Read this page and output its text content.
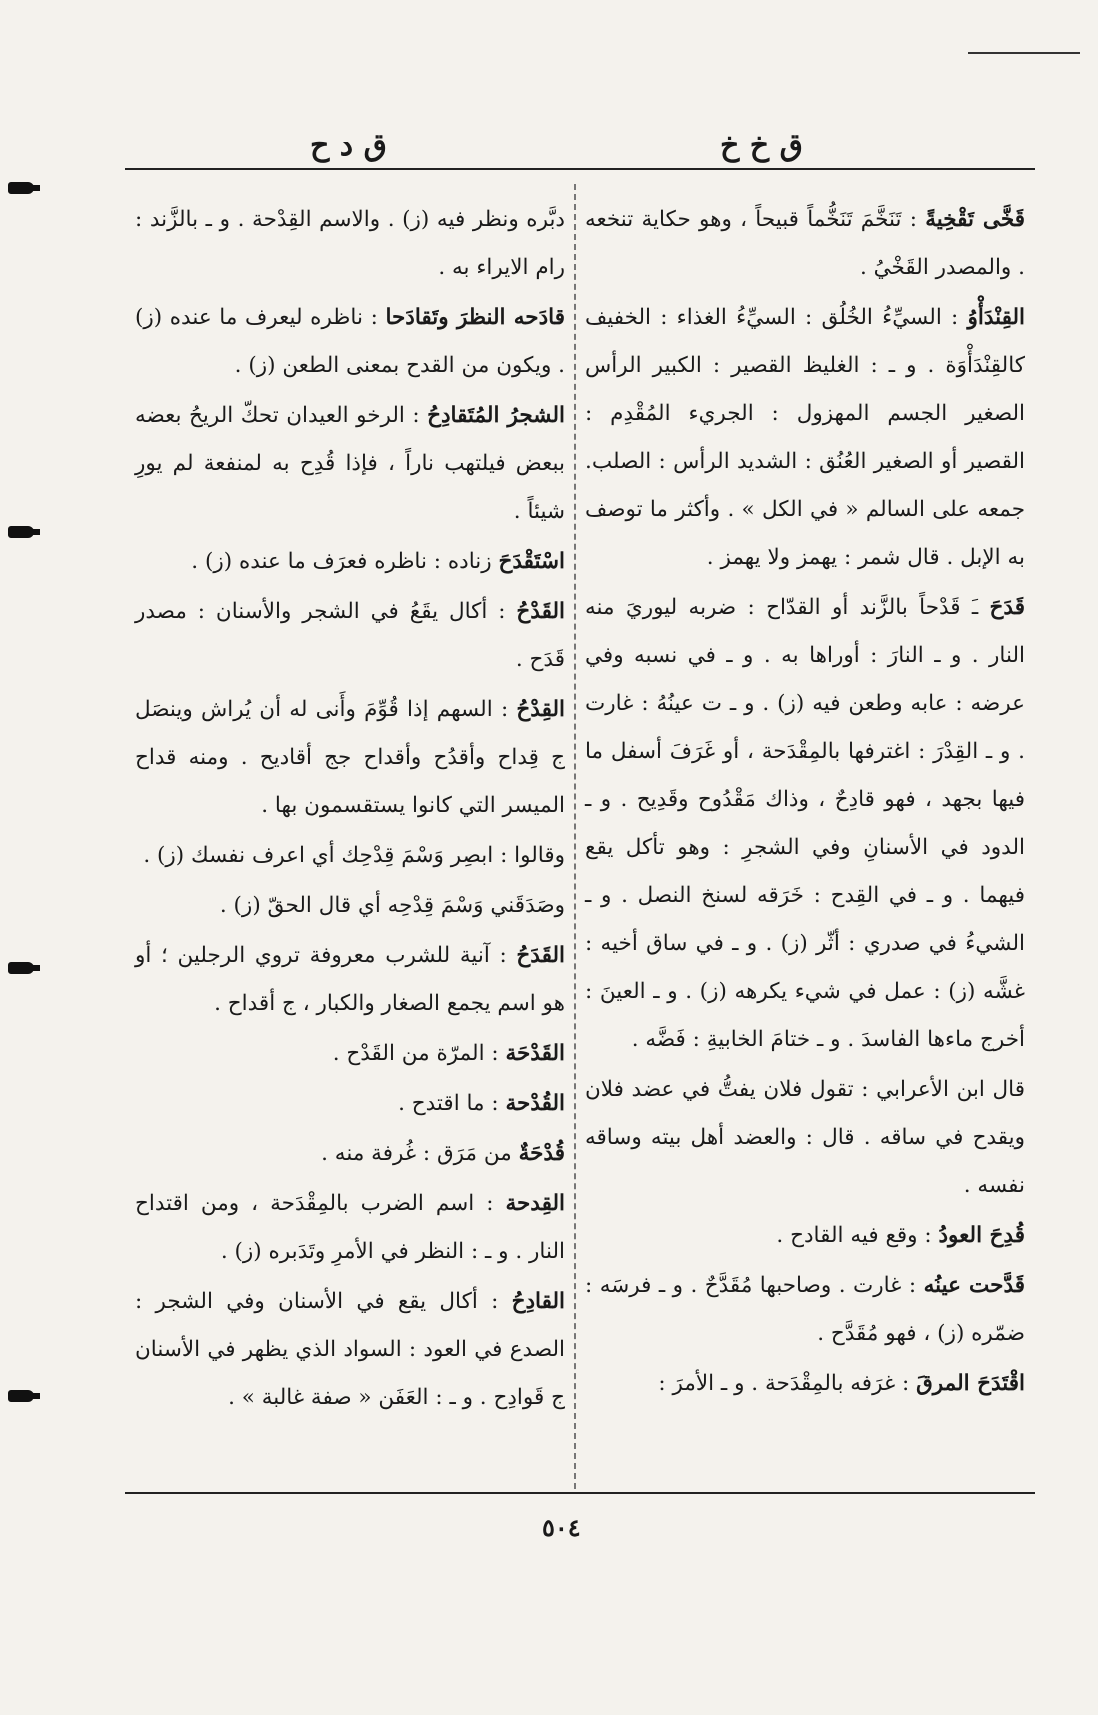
ق خ خ
ق د ح

قَخَّى تَقْخِيةً : تَنَخَّمَ تَنَخُّماً قبيحاً ، وهو حكاية تنخعه . والمصدر القَخْيُ .

القِنْدَأْوُ : السيِّءُ الخُلُق : السيِّءُ الغذاء : الخفيف كالقِنْدَأْوَة . و ـ : الغليظ القصير : الكبير الرأس الصغير الجسم المهزول : الجريء المُقْدِم : القصير أو الصغير العُنُق : الشديد الرأس : الصلب. جمعه على السالم « في الكل » . وأكثر ما توصف به الإبل . قال شمر : يهمز ولا يهمز .

قَدَحَ ـَ قَدْحاً بالزَّند أو القدّاح : ضربه ليوريَ منه النار . و ـ النارَ : أوراها به . و ـ في نسبه وفي عرضه : عابه وطعن فيه (ز) . و ـ ت عينُهُ : غارت . و ـ القِدْرَ : اغترفها بالمِقْدَحة ، أو غَرَفَ أسفل ما فيها بجهد ، فهو قادِحٌ ، وذاك مَقْدُوح وقَدِيح . و ـ الدود في الأسنانِ وفي الشجرِ : وهو تأكل يقع فيهما . و ـ في القِدح : خَرَقه لسنخ النصل . و ـ الشيءُ في صدري : أثّر (ز) . و ـ في ساق أخيه : غشَّه (ز) : عمل في شيء يكرهه (ز) . و ـ العينَ : أخرج ماءها الفاسدَ . و ـ ختامَ الخابيةِ : فَضَّه .

قال ابن الأعرابي : تقول فلان يفتُّ في عضد فلان ويقدح في ساقه . قال : والعضد أهل بيته وساقه نفسه .

قُدِحَ العودُ : وقع فيه القادح .

قَدَّحت عينُه : غارت . وصاحبها مُقَدَّحٌ . و ـ فرسَه : ضمّره (ز) ، فهو مُقَدَّح .

اقْتَدَحَ المرقَ : غرَفه بالمِقْدَحة . و ـ الأمرَ :

دبَّره ونظر فيه (ز) . والاسم القِدْحة . و ـ بالزَّند : رام الايراء به .

قادَحه النظرَ وتَقادَحا : ناظره ليعرف ما عنده (ز) . ويكون من القدح بمعنى الطعن (ز) .

الشجرُ المُتَقادِحُ : الرخو العيدان تحكّ الريحُ بعضه ببعض فيلتهب ناراً ، فإذا قُدِح به لمنفعة لم يورِ شيئاً .

اسْتَقْدَحَ زناده : ناظره فعرَف ما عنده (ز) .

القَدْحُ : أكال يقَعُ في الشجر والأسنان : مصدر قَدَح .

القِدْحُ : السهم إذا قُوِّمَ وأَنى له أن يُراش وينصَل ج قِداح وأقدُح وأقداح جج أقاديح . ومنه قداح الميسر التي كانوا يستقسمون بها .

وقالوا : ابصِر وَسْمَ قِدْحِك أي اعرف نفسك (ز) .

وصَدَقَني وَسْمَ قِدْحِه أي قال الحقّ (ز) .

القَدَحُ : آنية للشرب معروفة تروي الرجلين ؛ أو هو اسم يجمع الصغار والكبار ، ج أقداح .

القَدْحَة : المرّة من القَدْح .

القُدْحة : ما اقتدح .

قُدْحَةٌ من مَرَق : غُرفة منه .

القِدحة : اسم الضرب بالمِقْدَحة ، ومن اقتداح النار . و ـ : النظر في الأمرِ وتَدَبره (ز) .

القادِحُ : أكال يقع في الأسنان وفي الشجر : الصدع في العود : السواد الذي يظهر في الأسنان ج قَوادِح . و ـ : العَفَن « صفة غالبة » .

٥٠٤
